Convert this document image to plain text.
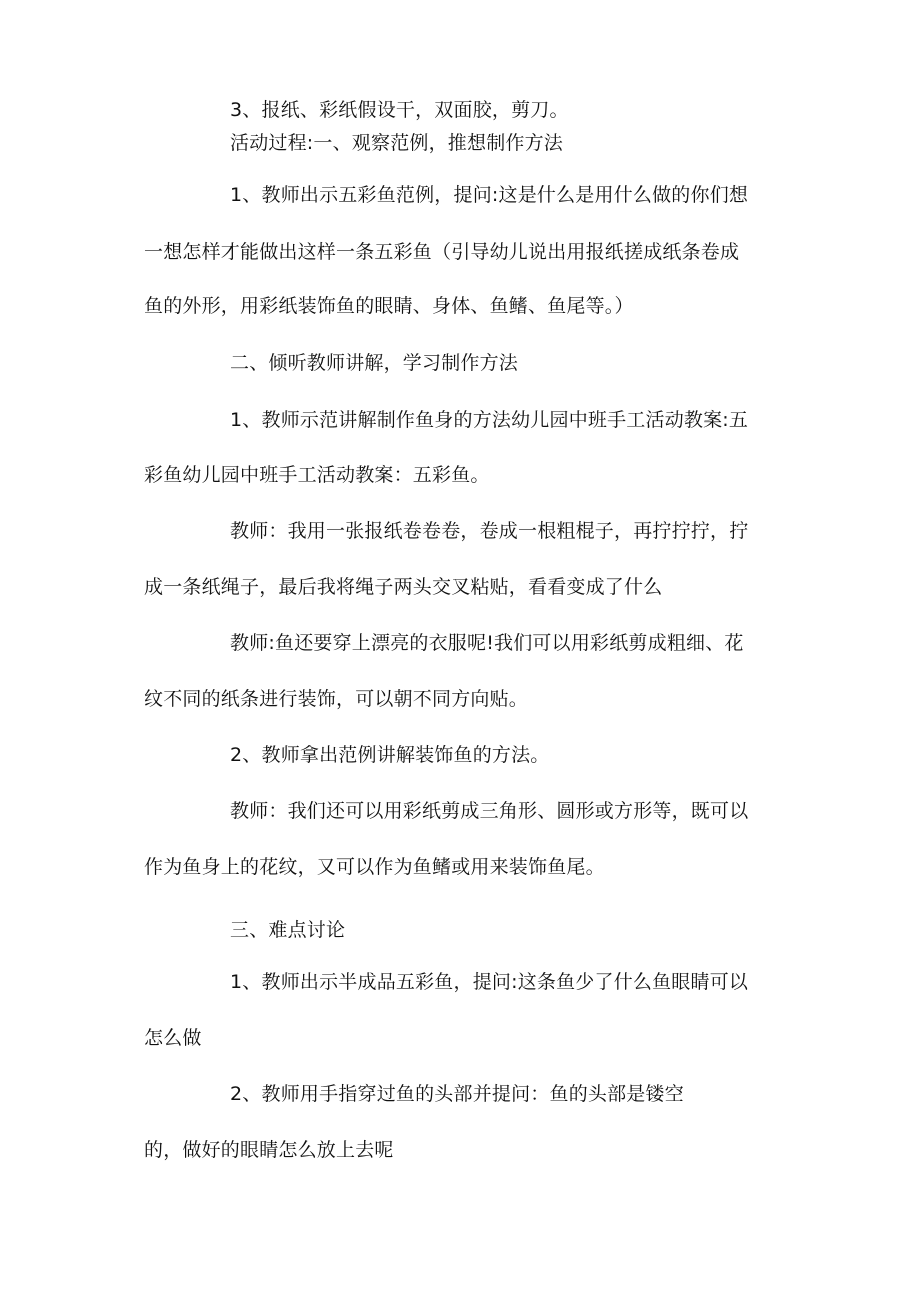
3、报纸、彩纸假设干，双面胶，剪刀。
活动过程:一、观察范例，推想制作方法
1、教师出示五彩鱼范例，提问:这是什么是用什么做的你们想
一想怎样才能做出这样一条五彩鱼（引导幼儿说出用报纸搓成纸条卷成
鱼的外形，用彩纸装饰鱼的眼睛、身体、鱼鳍、鱼尾等。）
二、倾听教师讲解，学习制作方法
1、教师示范讲解制作鱼身的方法幼儿园中班手工活动教案:五
彩鱼幼儿园中班手工活动教案：五彩鱼。
教师：我用一张报纸卷卷卷，卷成一根粗棍子，再拧拧拧，拧
成一条纸绳子，最后我将绳子两头交叉粘贴，看看变成了什么
教师:鱼还要穿上漂亮的衣服呢!我们可以用彩纸剪成粗细、花
纹不同的纸条进行装饰，可以朝不同方向贴。
2、教师拿出范例讲解装饰鱼的方法。
教师：我们还可以用彩纸剪成三角形、圆形或方形等，既可以
作为鱼身上的花纹，又可以作为鱼鳍或用来装饰鱼尾。
三、难点讨论
1、教师出示半成品五彩鱼，提问:这条鱼少了什么鱼眼睛可以
怎么做
2、教师用手指穿过鱼的头部并提问：鱼的头部是镂空
的，做好的眼睛怎么放上去呢
